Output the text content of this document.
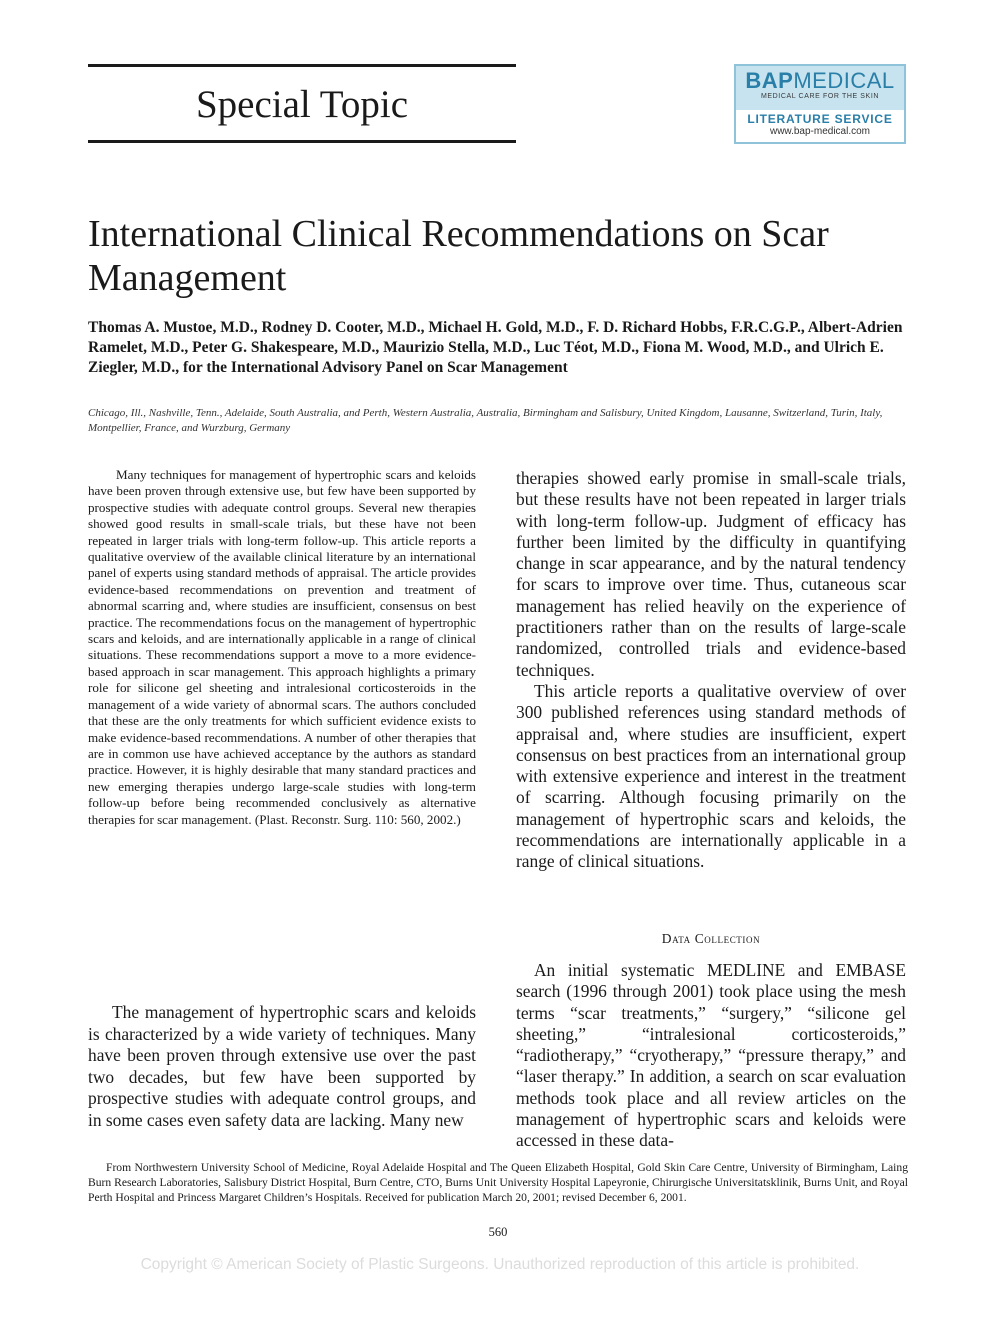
Special Topic
BAPMEDICAL
MEDICAL CARE FOR THE SKIN
LITERATURE SERVICE
www.bap-medical.com
International Clinical Recommendations on Scar Management
Thomas A. Mustoe, M.D., Rodney D. Cooter, M.D., Michael H. Gold, M.D., F. D. Richard Hobbs, F.R.C.G.P., Albert-Adrien Ramelet, M.D., Peter G. Shakespeare, M.D., Maurizio Stella, M.D., Luc Téot, M.D., Fiona M. Wood, M.D., and Ulrich E. Ziegler, M.D., for the International Advisory Panel on Scar Management
Chicago, Ill., Nashville, Tenn., Adelaide, South Australia, and Perth, Western Australia, Australia, Birmingham and Salisbury, United Kingdom, Lausanne, Switzerland, Turin, Italy, Montpellier, France, and Wurzburg, Germany

Many techniques for management of hypertrophic scars and keloids have been proven through extensive use, but few have been supported by prospective studies with adequate control groups. Several new therapies showed good results in small-scale trials, but these have not been repeated in larger trials with long-term follow-up. This article reports a qualitative overview of the available clinical literature by an international panel of experts using standard methods of appraisal. The article provides evidence-based recommendations on prevention and treatment of abnormal scarring and, where studies are insufficient, consensus on best practice. The recommendations focus on the management of hypertrophic scars and keloids, and are internationally applicable in a range of clinical situations. These recommendations support a move to a more evidence-based approach in scar management. This approach highlights a primary role for silicone gel sheeting and intralesional corticosteroids in the management of a wide variety of abnormal scars. The authors concluded that these are the only treatments for which sufficient evidence exists to make evidence-based recommendations. A number of other therapies that are in common use have achieved acceptance by the authors as standard practice. However, it is highly desirable that many standard practices and new emerging therapies undergo large-scale studies with long-term follow-up before being recommended conclusively as alternative therapies for scar management. (Plast. Reconstr. Surg. 110: 560, 2002.)

The management of hypertrophic scars and keloids is characterized by a wide variety of techniques. Many have been proven through extensive use over the past two decades, but few have been supported by prospective studies with adequate control groups, and in some cases even safety data are lacking. Many new

therapies showed early promise in small-scale trials, but these results have not been repeated in larger trials with long-term follow-up. Judgment of efficacy has further been limited by the difficulty in quantifying change in scar appearance, and by the natural tendency for scars to improve over time. Thus, cutaneous scar management has relied heavily on the experience of practitioners rather than on the results of large-scale randomized, controlled trials and evidence-based techniques.

This article reports a qualitative overview of over 300 published references using standard methods of appraisal and, where studies are insufficient, expert consensus on best practices from an international group with extensive experience and interest in the treatment of scarring. Although focusing primarily on the management of hypertrophic scars and keloids, the recommendations are internationally applicable in a range of clinical situations.

Data Collection

An initial systematic MEDLINE and EMBASE search (1996 through 2001) took place using the mesh terms “scar treatments,” “surgery,” “silicone gel sheeting,” “intralesional corticosteroids,” “radiotherapy,” “cryotherapy,” “pressure therapy,” and “laser therapy.” In addition, a search on scar evaluation methods took place and all review articles on the management of hypertrophic scars and keloids were accessed in these data-

From Northwestern University School of Medicine, Royal Adelaide Hospital and The Queen Elizabeth Hospital, Gold Skin Care Centre, University of Birmingham, Laing Burn Research Laboratories, Salisbury District Hospital, Burn Centre, CTO, Burns Unit University Hospital Lapeyronie, Chirurgische Universitatsklinik, Burns Unit, and Royal Perth Hospital and Princess Margaret Children’s Hospitals. Received for publication March 20, 2001; revised December 6, 2001.

560
Copyright © American Society of Plastic Surgeons. Unauthorized reproduction of this article is prohibited.
